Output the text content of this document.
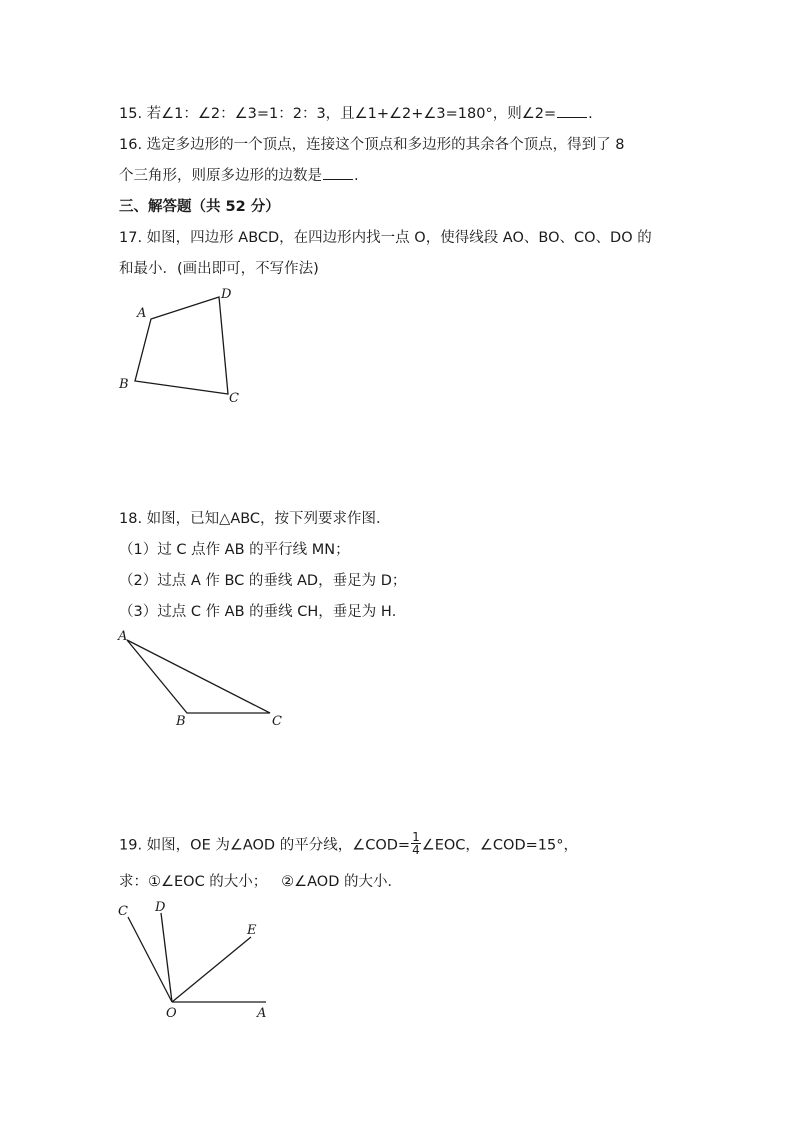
15. 若∠1：∠2：∠3=1：2：3，且∠1+∠2+∠3=180°，则∠2= .
16. 选定多边形的一个顶点，连接这个顶点和多边形的其余各个顶点，得到了 8
个三角形，则原多边形的边数是 .
三、解答题（共 52 分）
17. 如图，四边形 ABCD，在四边形内找一点 O，使得线段 AO、BO、CO、DO 的
和最小．(画出即可，不写作法)
A
D
B
C
A
B	C
C D
E
O	A
18. 如图，已知△ABC，按下列要求作图．
（1）过 C 点作 AB 的平行线 MN；
（2）过点 A 作 BC 的垂线 AD，垂足为 D；
（3）过点 C 作 AB 的垂线 CH，垂足为 H．
19. 如图，OE 为∠AOD 的平分线，∠COD= $\frac{1}{4}$ ∠EOC，∠COD=15°，
求：①∠EOC 的大小；   ②∠AOD 的大小．
